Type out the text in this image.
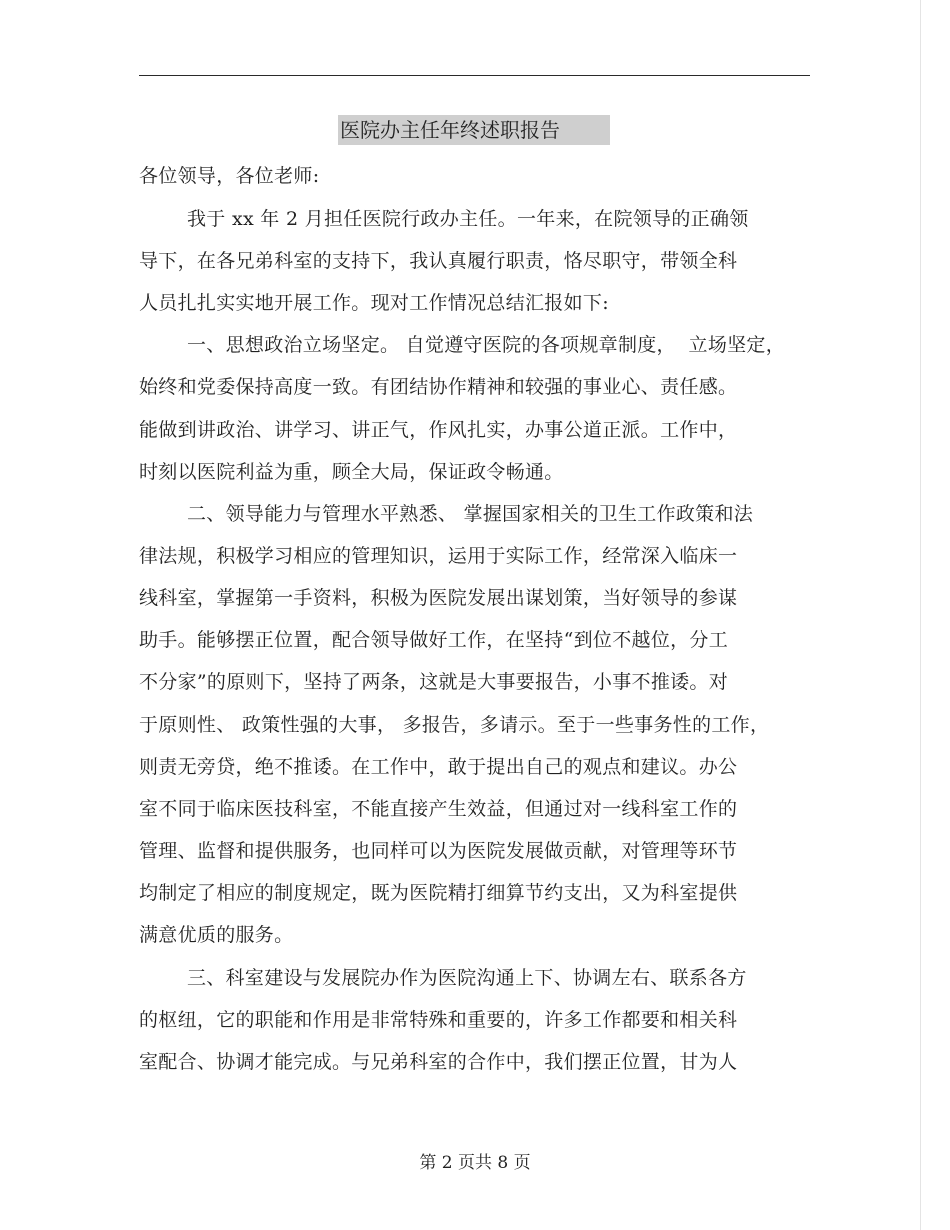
医院办主任年终述职报告
各位领导，各位老师:
我于 xx 年 2 月担任医院行政办主任。一年来，在院领导的正确领
导下，在各兄弟科室的支持下，我认真履行职责，恪尽职守，带领全科
人员扎扎实实地开展工作。现对工作情况总结汇报如下:
一、思想政治立场坚定。 自觉遵守医院的各项规章制度，  立场坚定，
始终和党委保持高度一致。有团结协作精神和较强的事业心、责任感。
能做到讲政治、讲学习、讲正气，作风扎实，办事公道正派。工作中，
时刻以医院利益为重，顾全大局，保证政令畅通。
二、领导能力与管理水平熟悉、 掌握国家相关的卫生工作政策和法
律法规，积极学习相应的管理知识，运用于实际工作，经常深入临床一
线科室，掌握第一手资料，积极为医院发展出谋划策，当好领导的参谋
助手。能够摆正位置，配合领导做好工作，在坚持“到位不越位，分工
不分家”的原则下，坚持了两条，这就是大事要报告，小事不推诿。对
于原则性、 政策性强的大事， 多报告，多请示。至于一些事务性的工作，
则责无旁贷，绝不推诿。在工作中，敢于提出自己的观点和建议。办公
室不同于临床医技科室，不能直接产生效益，但通过对一线科室工作的
管理、监督和提供服务，也同样可以为医院发展做贡献，对管理等环节
均制定了相应的制度规定，既为医院精打细算节约支出，又为科室提供
满意优质的服务。
三、科室建设与发展院办作为医院沟通上下、协调左右、联系各方
的枢纽，它的职能和作用是非常特殊和重要的，许多工作都要和相关科
室配合、协调才能完成。与兄弟科室的合作中，我们摆正位置，甘为人
第 2 页共 8 页
